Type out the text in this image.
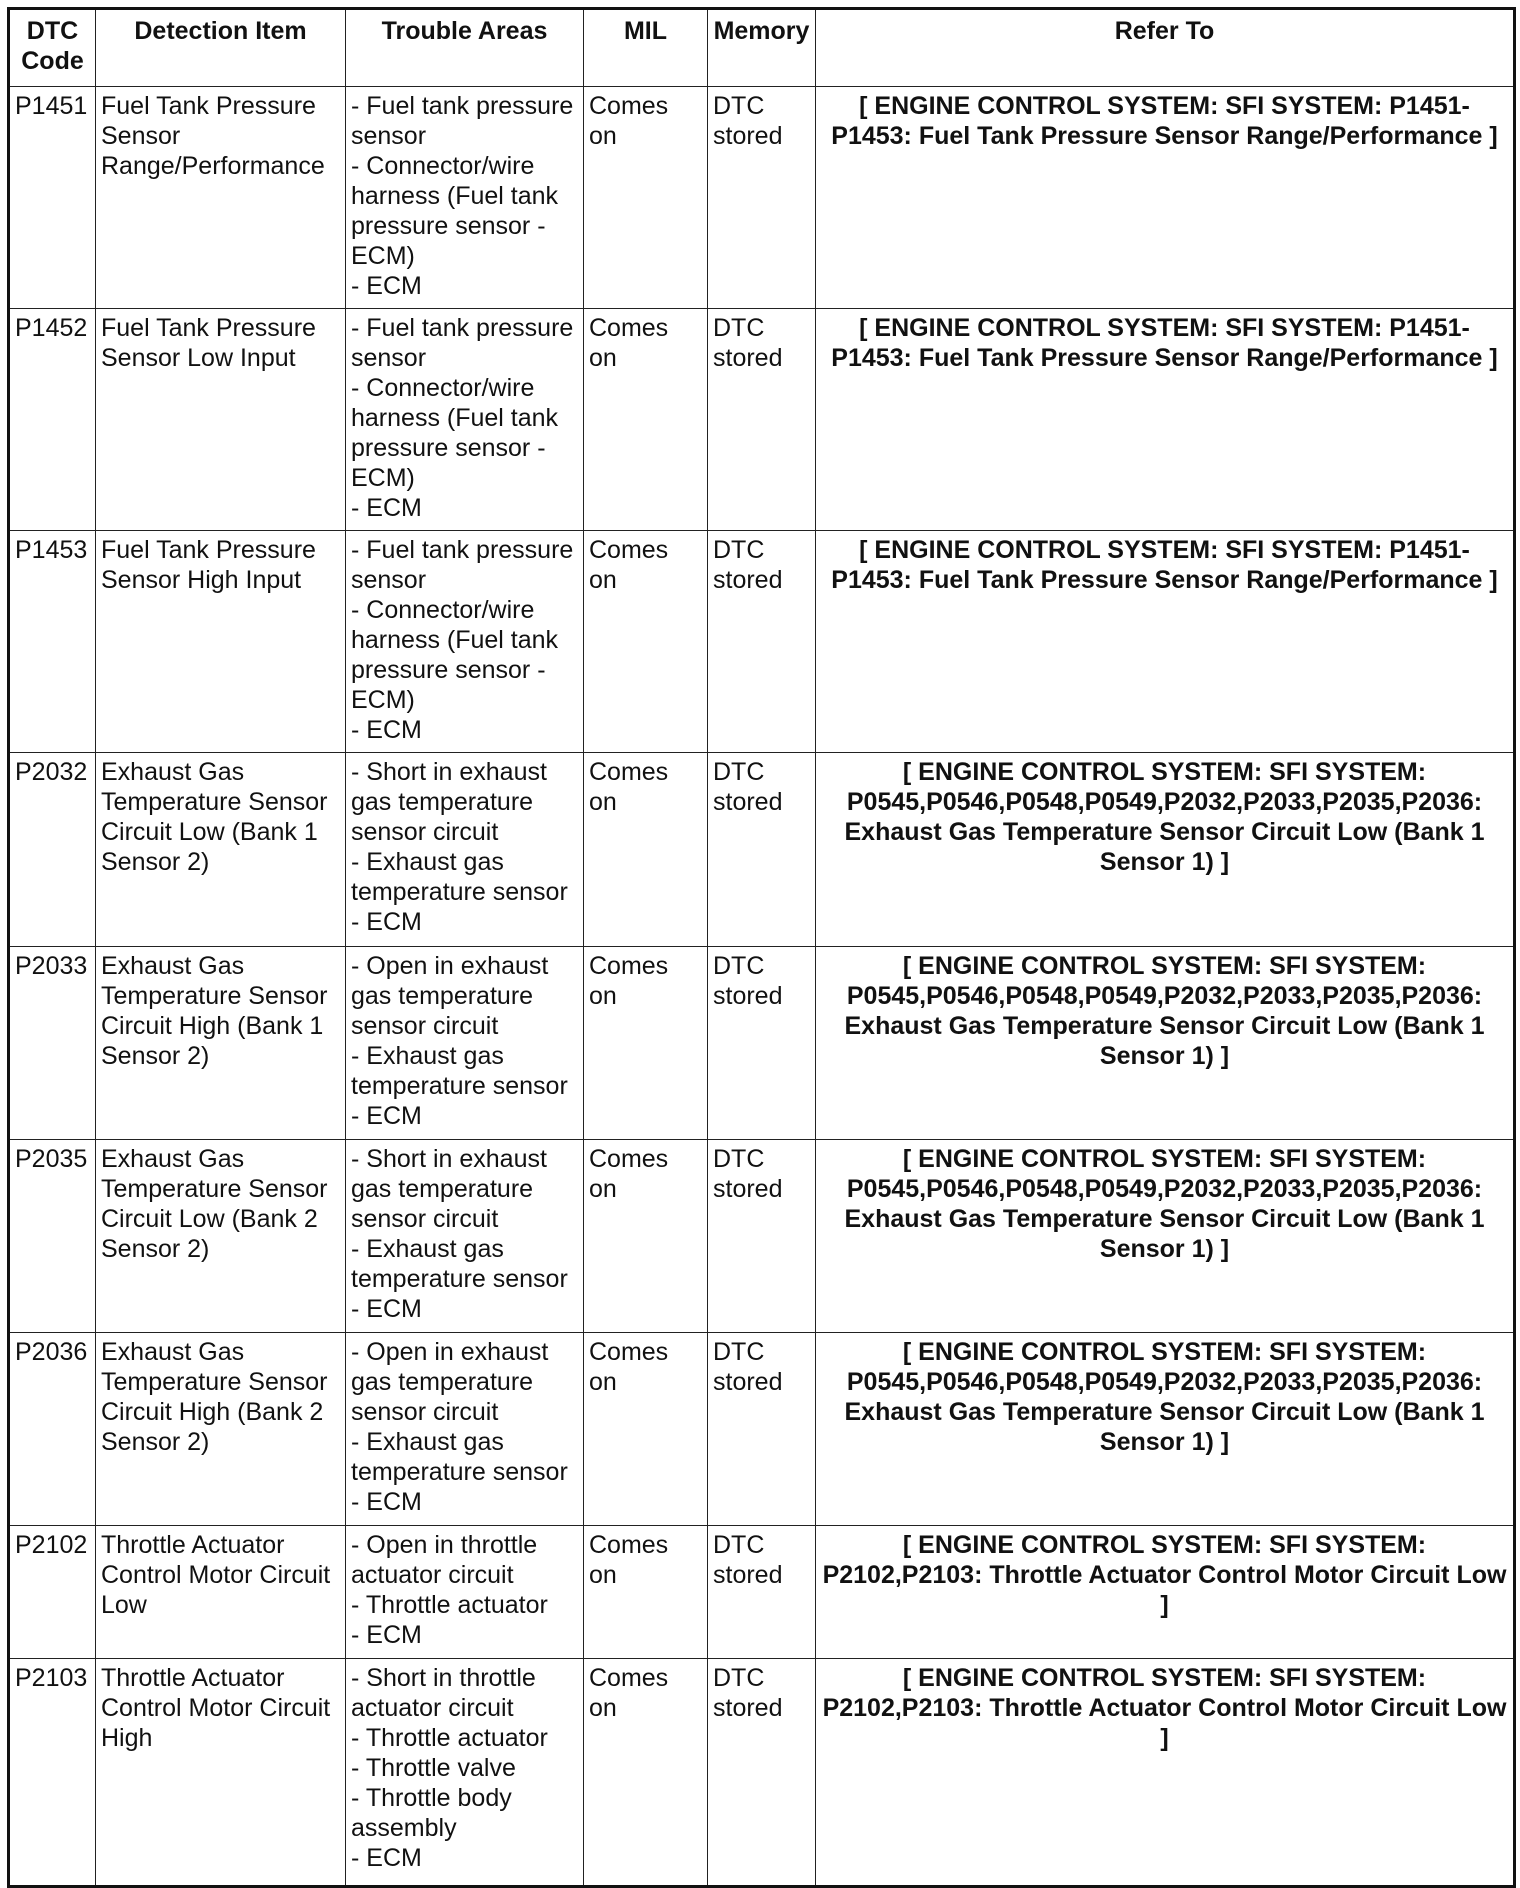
DTC
Code	Detection Item	Trouble Areas	MIL	Memory	Refer To
P1451	Fuel Tank Pressure Sensor Range/Performance	- Fuel tank pressure sensor
- Connector/wire harness (Fuel tank pressure sensor - ECM)
- ECM	Comes on	DTC stored	[ ENGINE CONTROL SYSTEM: SFI SYSTEM: P1451-P1453: Fuel Tank Pressure Sensor Range/Performance ]
P1452	Fuel Tank Pressure Sensor Low Input	- Fuel tank pressure sensor
- Connector/wire harness (Fuel tank pressure sensor - ECM)
- ECM	Comes on	DTC stored	[ ENGINE CONTROL SYSTEM: SFI SYSTEM: P1451-P1453: Fuel Tank Pressure Sensor Range/Performance ]
P1453	Fuel Tank Pressure Sensor High Input	- Fuel tank pressure sensor
- Connector/wire harness (Fuel tank pressure sensor - ECM)
- ECM	Comes on	DTC stored	[ ENGINE CONTROL SYSTEM: SFI SYSTEM: P1451-P1453: Fuel Tank Pressure Sensor Range/Performance ]
P2032	Exhaust Gas Temperature Sensor Circuit Low (Bank 1 Sensor 2)	- Short in exhaust gas temperature sensor circuit
- Exhaust gas temperature sensor
- ECM	Comes on	DTC stored	[ ENGINE CONTROL SYSTEM: SFI SYSTEM: P0545,P0546,P0548,P0549,P2032,P2033,P2035,P2036: Exhaust Gas Temperature Sensor Circuit Low (Bank 1 Sensor 1) ]
P2033	Exhaust Gas Temperature Sensor Circuit High (Bank 1 Sensor 2)	- Open in exhaust gas temperature sensor circuit
- Exhaust gas temperature sensor
- ECM	Comes on	DTC stored	[ ENGINE CONTROL SYSTEM: SFI SYSTEM: P0545,P0546,P0548,P0549,P2032,P2033,P2035,P2036: Exhaust Gas Temperature Sensor Circuit Low (Bank 1 Sensor 1) ]
P2035	Exhaust Gas Temperature Sensor Circuit Low (Bank 2 Sensor 2)	- Short in exhaust gas temperature sensor circuit
- Exhaust gas temperature sensor
- ECM	Comes on	DTC stored	[ ENGINE CONTROL SYSTEM: SFI SYSTEM: P0545,P0546,P0548,P0549,P2032,P2033,P2035,P2036: Exhaust Gas Temperature Sensor Circuit Low (Bank 1 Sensor 1) ]
P2036	Exhaust Gas Temperature Sensor Circuit High (Bank 2 Sensor 2)	- Open in exhaust gas temperature sensor circuit
- Exhaust gas temperature sensor
- ECM	Comes on	DTC stored	[ ENGINE CONTROL SYSTEM: SFI SYSTEM: P0545,P0546,P0548,P0549,P2032,P2033,P2035,P2036: Exhaust Gas Temperature Sensor Circuit Low (Bank 1 Sensor 1) ]
P2102	Throttle Actuator Control Motor Circuit Low	- Open in throttle actuator circuit
- Throttle actuator
- ECM	Comes on	DTC stored	[ ENGINE CONTROL SYSTEM: SFI SYSTEM: P2102,P2103: Throttle Actuator Control Motor Circuit Low ]
P2103	Throttle Actuator Control Motor Circuit High	- Short in throttle actuator circuit
- Throttle actuator
- Throttle valve
- Throttle body assembly
- ECM	Comes on	DTC stored	[ ENGINE CONTROL SYSTEM: SFI SYSTEM: P2102,P2103: Throttle Actuator Control Motor Circuit Low ]
